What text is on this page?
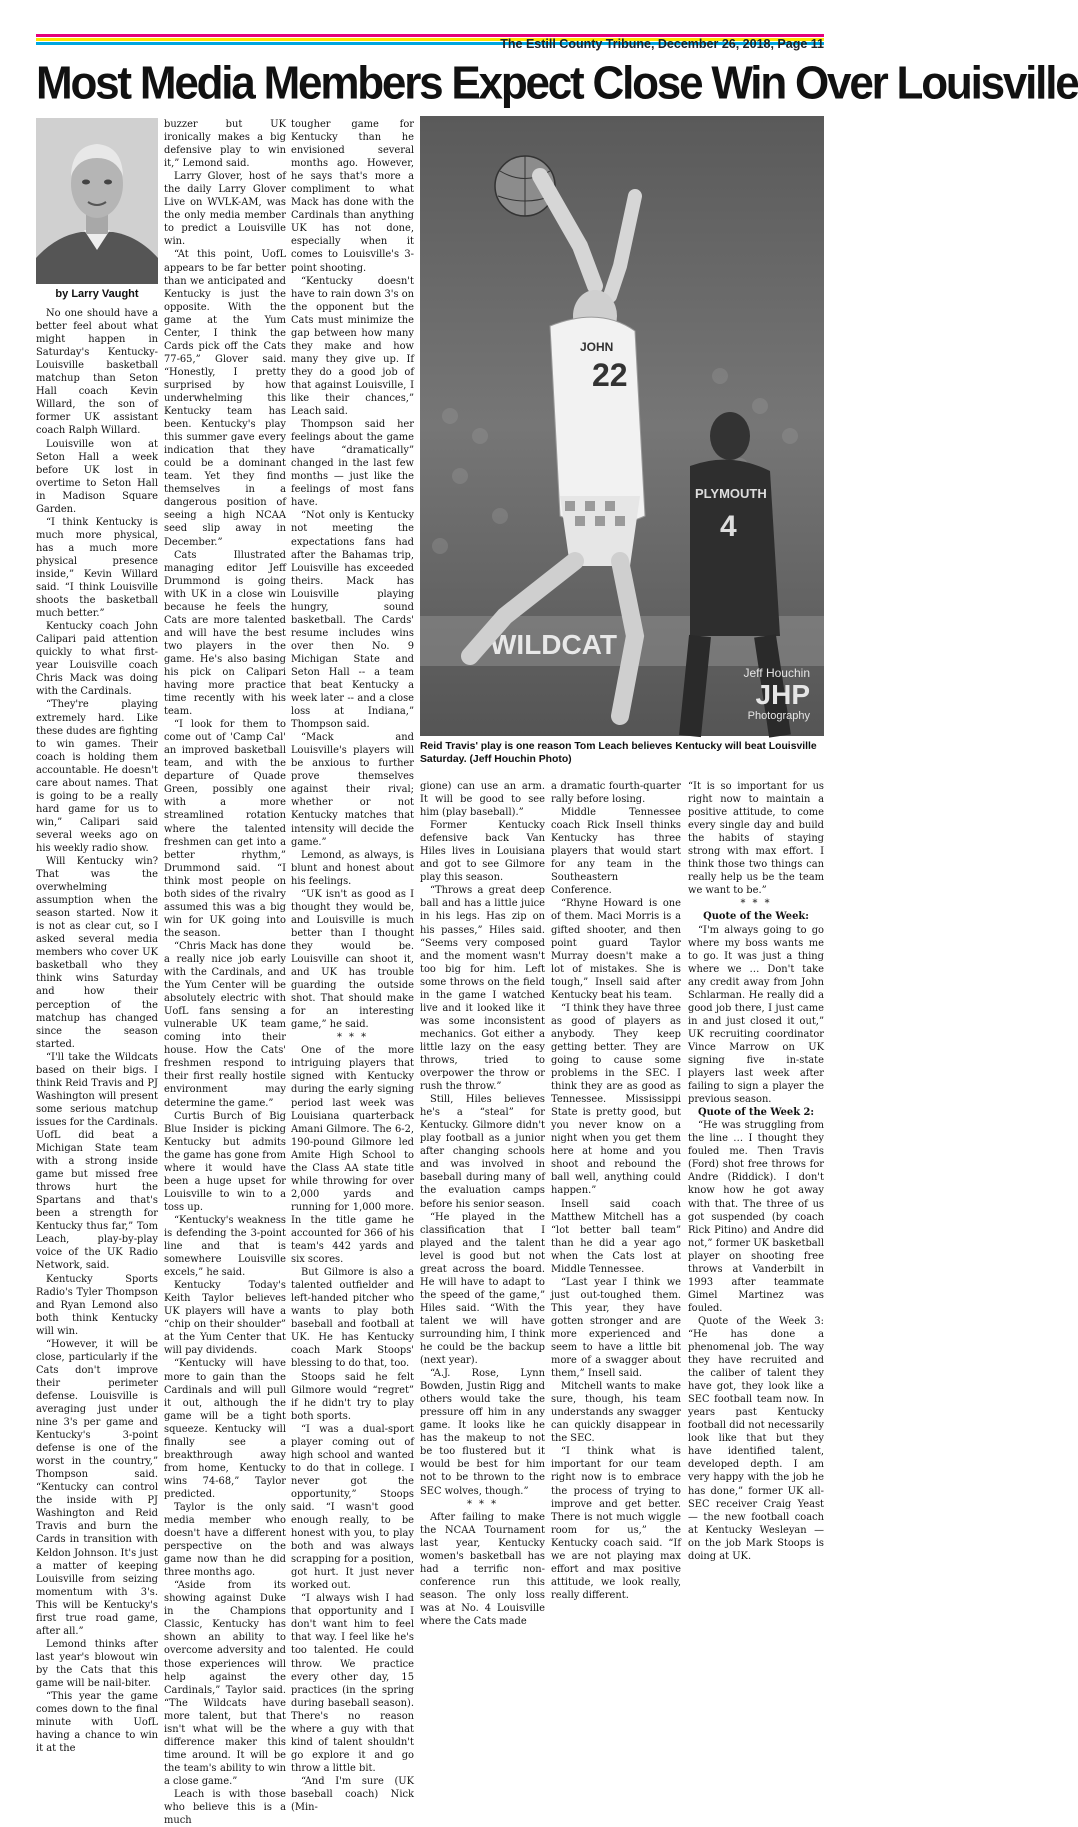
The Estill County Tribune, December 26, 2018, Page 11
Most Media Members Expect Close Win Over Louisville
by Larry Vaught

No one should have a better feel about what might happen in Saturday's Kentucky-Louisville basketball matchup than Seton Hall coach Kevin Willard, the son of former UK assistant coach Ralph Willard.

Louisville won at Seton Hall a week before UK lost in overtime to Seton Hall in Madison Square Garden.

“I think Kentucky is much more physical, has a much more physical presence inside,” Kevin Willard said. “I think Louisville shoots the basketball much better.”

Kentucky coach John Calipari paid attention quickly to what first-year Louisville coach Chris Mack was doing with the Cardinals.

“They're playing extremely hard. Like these dudes are fighting to win games. Their coach is holding them accountable. He doesn't care about names. That is going to be a really hard game for us to win,” Calipari said several weeks ago on his weekly radio show.

Will Kentucky win? That was the overwhelming assumption when the season started. Now it is not as clear cut, so I asked several media members who cover UK basketball who they think wins Saturday and how their perception of the matchup has changed since the season started.

“I'll take the Wildcats based on their bigs. I think Reid Travis and PJ Washington will present some serious matchup issues for the Cardinals. UofL did beat a Michigan State team with a strong inside game but missed free throws hurt the Spartans and that's been a strength for Kentucky thus far,” Tom Leach, play-by-play voice of the UK Radio Network, said.

Kentucky Sports Radio's Tyler Thompson and Ryan Lemond also both think Kentucky will win.

“However, it will be close, particularly if the Cats don't improve their perimeter defense. Louisville is averaging just under nine 3's per game and Kentucky's 3-point defense is one of the worst in the country,” Thompson said. “Kentucky can control the inside with PJ Washington and Reid Travis and burn the Cards in transition with Keldon Johnson. It's just a matter of keeping Louisville from seizing momentum with 3's. This will be Kentucky's first true road game, after all.”

Lemond thinks after last year's blowout win by the Cats that this game will be nail-biter.

“This year the game comes down to the final minute with UofL having a chance to win it at the

buzzer but UK ironically makes a big defensive play to win it,” Lemond said.

Larry Glover, host of the daily Larry Glover Live on WVLK-AM, was the only media member to predict a Louisville win.

“At this point, UofL appears to be far better than we anticipated and Kentucky is just the opposite. With the game at the Yum Center, I think the Cards pick off the Cats 77-65,” Glover said. “Honestly, I pretty surprised by how underwhelming this Kentucky team has been. Kentucky's play this summer gave every indication that they could be a dominant team. Yet they find themselves in a dangerous position of seeing a high NCAA seed slip away in December.”

Cats Illustrated managing editor Jeff Drummond is going with UK in a close win because he feels the Cats are more talented and will have the best two players in the game. He's also basing his pick on Calipari having more practice time recently with his team.

“I look for them to come out of 'Camp Cal' an improved basketball team, and with the departure of Quade Green, possibly one with a more streamlined rotation where the talented freshmen can get into a better rhythm,” Drummond said. “I think most people on both sides of the rivalry assumed this was a big win for UK going into the season.

“Chris Mack has done a really nice job early with the Cardinals, and the Yum Center will be absolutely electric with UofL fans sensing a vulnerable UK team coming into their house. How the Cats' freshmen respond to their first really hostile environment may determine the game.”

Curtis Burch of Big Blue Insider is picking Kentucky but admits the game has gone from where it would have been a huge upset for Louisville to win to a toss up.

“Kentucky's weakness is defending the 3-point line and that is somewhere Louisville excels,” he said.

Kentucky Today's Keith Taylor believes UK players will have a “chip on their shoulder” at the Yum Center that will pay dividends.

“Kentucky will have more to gain than the Cardinals and will pull it out, although the game will be a tight squeeze. Kentucky will finally see a breakthrough away from home, Kentucky wins 74-68,” Taylor predicted.

Taylor is the only media member who doesn't have a different perspective on the game now than he did three months ago.

“Aside from its showing against Duke in the Champions Classic, Kentucky has shown an ability to overcome adversity and those experiences will help against the Cardinals,” Taylor said. “The Wildcats have more talent, but that isn't what will be the difference maker this time around. It will be the team's ability to win a close game.”

Leach is with those who believe this is a much

tougher game for Kentucky than he envisioned several months ago. However, he says that's more a compliment to what Mack has done with the Cardinals than anything UK has not done, especially when it comes to Louisville's 3-point shooting.

“Kentucky doesn't have to rain down 3's on the opponent but the Cats must minimize the gap between how many they make and how many they give up. If they do a good job of that against Louisville, I like their chances,” Leach said.

Thompson said her feelings about the game have “dramatically” changed in the last few months — just like the feelings of most fans have.

“Not only is Kentucky not meeting the expectations fans had after the Bahamas trip, Louisville has exceeded theirs. Mack has Louisville playing hungry, sound basketball. The Cards' resume includes wins over then No. 9 Michigan State and Seton Hall -- a team that beat Kentucky a week later -- and a close loss at Indiana,” Thompson said.

“Mack and Louisville's players will be anxious to further prove themselves against their rival; whether or not Kentucky matches that intensity will decide the game.”

Lemond, as always, is blunt and honest about his feelings.

“UK isn't as good as I thought they would be, and Louisville is much better than I thought they would be. Louisville can shoot it, and UK has trouble guarding the outside shot. That should make for an interesting game,” he said.

* * *

One of the more intriguing players that signed with Kentucky during the early signing period last week was Louisiana quarterback Amani Gilmore. The 6-2, 190-pound Gilmore led Amite High School to the Class AA state title while throwing for over 2,000 yards and running for 1,000 more. In the title game he accounted for 366 of his team's 442 yards and six scores.

But Gilmore is also a talented outfielder and left-handed pitcher who wants to play both baseball and football at UK. He has Kentucky coach Mark Stoops' blessing to do that, too.

Stoops said he felt Gilmore would “regret” if he didn't try to play both sports.

“I was a dual-sport player coming out of high school and wanted to do that in college. I never got the opportunity,” Stoops said. “I wasn't good enough really, to be honest with you, to play both and was always scrapping for a position, got hurt. It just never worked out.

“I always wish I had that opportunity and I don't want him to feel that way. I feel like he's too talented. He could throw. We practice every other day, 15 practices (in the spring during baseball season). There's no reason where a guy with that kind of talent shouldn't go explore it and go throw a little bit.

“And I'm sure (UK baseball coach) Nick (Min-

WILDCAT
22
JOHN
PLYMOUTH
4
Jeff Houchin
JHP
Photography

Reid Travis' play is one reason Tom Leach believes Kentucky will beat Louisville Saturday. (Jeff Houchin Photo)

gione) can use an arm. It will be good to see him (play baseball).”

Former Kentucky defensive back Van Hiles lives in Louisiana and got to see Gilmore play this season.

“Throws a great deep ball and has a little juice in his legs. Has zip on his passes,” Hiles said. “Seems very composed and the moment wasn't too big for him. Left some throws on the field in the game I watched live and it looked like it was some inconsistent mechanics. Got either a little lazy on the easy throws, tried to overpower the throw or rush the throw.”

Still, Hiles believes he's a “steal” for Kentucky. Gilmore didn't play football as a junior after changing schools and was involved in baseball during many of the evaluation camps before his senior season.

“He played in the classification that I played and the talent level is good but not great across the board. He will have to adapt to the speed of the game,” Hiles said. “With the talent we will have surrounding him, I think he could be the backup (next year).

“A.J. Rose, Lynn Bowden, Justin Rigg and others would take the pressure off him in any game. It looks like he has the makeup to not be too flustered but it would be best for him not to be thrown to the SEC wolves, though.”

* * *

After failing to make the NCAA Tournament last year, Kentucky women's basketball has had a terrific non-conference run this season. The only loss was at No. 4 Louisville where the Cats made

a dramatic fourth-quarter rally before losing.

Middle Tennessee coach Rick Insell thinks Kentucky has three players that would start for any team in the Southeastern Conference.

“Rhyne Howard is one of them. Maci Morris is a gifted shooter, and then point guard Taylor Murray doesn't make a lot of mistakes. She is tough,” Insell said after Kentucky beat his team.

“I think they have three as good of players as anybody. They keep getting better. They are going to cause some problems in the SEC. I think they are as good as Tennessee. Mississippi State is pretty good, but you never know on a night when you get them here at home and you shoot and rebound the ball well, anything could happen.”

Insell said coach Matthew Mitchell has a “lot better ball team” than he did a year ago when the Cats lost at Middle Tennessee.

“Last year I think we just out-toughed them. This year, they have gotten stronger and are more experienced and seem to have a little bit more of a swagger about them,” Insell said.

Mitchell wants to make sure, though, his team understands any swagger can quickly disappear in the SEC.

“I think what is important for our team right now is to embrace the process of trying to improve and get better. There is not much wiggle room for us,” the Kentucky coach said. “If we are not playing max effort and max positive attitude, we look really, really different.

“It is so important for us right now to maintain a positive attitude, to come every single day and build the habits of staying strong with max effort. I think those two things can really help us be the team we want to be.”

* * *

Quote of the Week:

“I'm always going to go where my boss wants me to go. It was just a thing where we … Don't take any credit away from John Schlarman. He really did a good job there, I just came in and just closed it out,” UK recruiting coordinator Vince Marrow on UK signing five in-state players last week after failing to sign a player the previous season.

Quote of the Week 2:

“He was struggling from the line … I thought they fouled me. Then Travis (Ford) shot free throws for Andre (Riddick). I don't know how he got away with that. The three of us got suspended (by coach Rick Pitino) and Andre did not,” former UK basketball player on shooting free throws at Vanderbilt in 1993 after teammate Gimel Martinez was fouled.

Quote of the Week 3: “He has done a phenomenal job. The way they have recruited and the caliber of talent they have got, they look like a SEC football team now. In years past Kentucky football did not necessarily look like that but they have identified talent, developed depth. I am very happy with the job he has done,” former UK all-SEC receiver Craig Yeast — the new football coach at Kentucky Wesleyan — on the job Mark Stoops is doing at UK.
